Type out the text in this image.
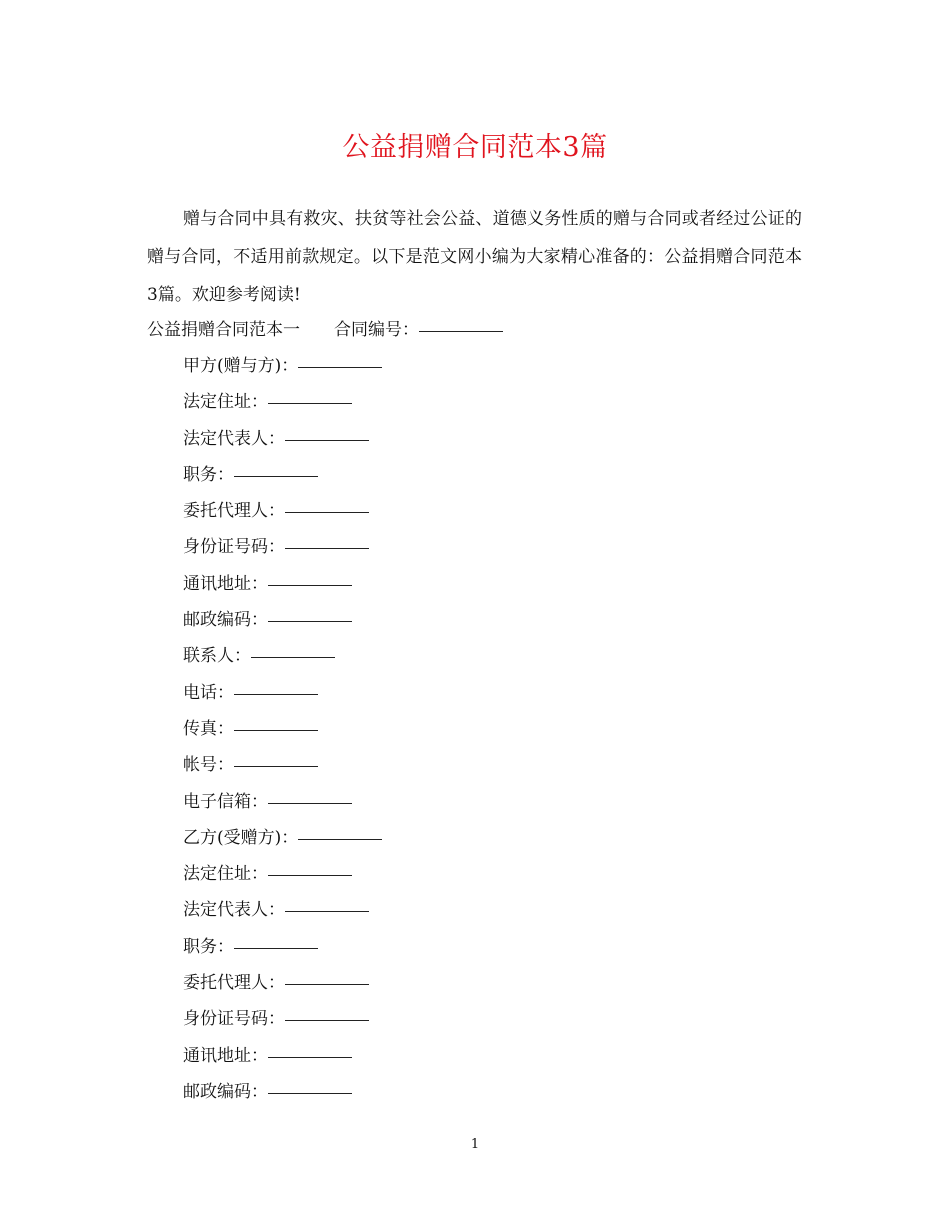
公益捐赠合同范本3篇

赠与合同中具有救灾、扶贫等社会公益、道德义务性质的赠与合同或者经过公证的赠与合同，不适用前款规定。以下是范文网小编为大家精心准备的：公益捐赠合同范本3篇。欢迎参考阅读!

公益捐赠合同范本一 合同编号：

甲方(赠与方)：
法定住址：
法定代表人：
职务：
委托代理人：
身份证号码：
通讯地址：
邮政编码：
联系人：
电话：
传真：
帐号：
电子信箱：
乙方(受赠方)：
法定住址：
法定代表人：
职务：
委托代理人：
身份证号码：
通讯地址：
邮政编码：
1
